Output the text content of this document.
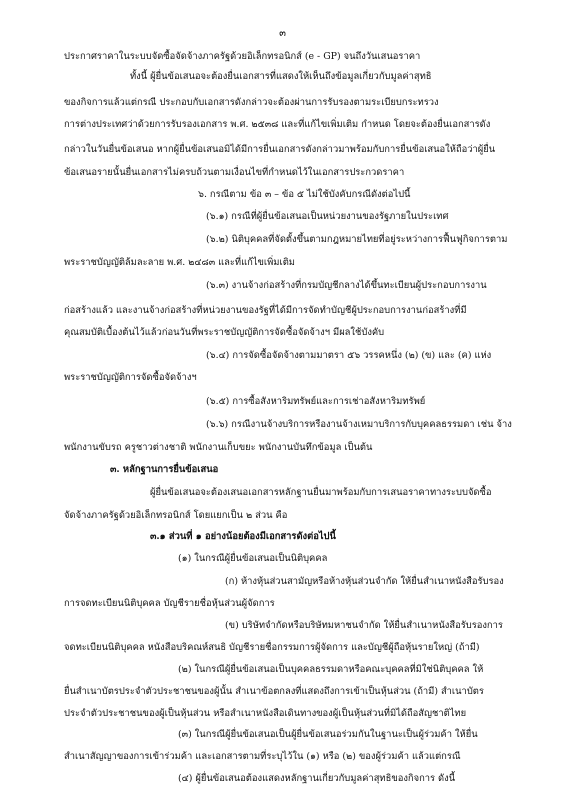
๓
ประกาศราคาในระบบจัดซื้อจัดจ้างภาครัฐด้วยอิเล็กทรอนิกส์ (e - GP) จนถึงวันเสนอราคา
ทั้งนี้ ผู้ยื่นข้อเสนอจะต้องยื่นเอกสารที่แสดงให้เห็นถึงข้อมูลเกี่ยวกับมูลค่าสุทธิ
ของกิจการแล้วแต่กรณี ประกอบกับเอกสารดังกล่าวจะต้องผ่านการรับรองตามระเบียบกระทรวง
การต่างประเทศว่าด้วยการรับรองเอกสาร พ.ศ. ๒๕๓๘ และที่แก้ไขเพิ่มเติม กำหนด โดยจะต้องยื่นเอกสารดัง
กล่าวในวันยื่นข้อเสนอ หากผู้ยื่นข้อเสนอมิได้มีการยื่นเอกสารดังกล่าวมาพร้อมกับการยื่นข้อเสนอให้ถือว่าผู้ยื่น
ข้อเสนอรายนั้นยื่นเอกสารไม่ครบถ้วนตามเงื่อนไขที่กำหนดไว้ในเอกสารประกวดราคา
๖. กรณีตาม ข้อ ๓ – ข้อ ๕ ไม่ใช้บังคับกรณีดังต่อไปนี้
(๖.๑) กรณีที่ผู้ยื่นข้อเสนอเป็นหน่วยงานของรัฐภายในประเทศ
(๖.๒) นิติบุคคลที่จัดตั้งขึ้นตามกฎหมายไทยที่อยู่ระหว่างการฟื้นฟูกิจการตาม
พระราชบัญญัติล้มละลาย พ.ศ. ๒๔๘๓ และที่แก้ไขเพิ่มเติม
(๖.๓) งานจ้างก่อสร้างที่กรมบัญชีกลางได้ขึ้นทะเบียนผู้ประกอบการงาน
ก่อสร้างแล้ว และงานจ้างก่อสร้างที่หน่วยงานของรัฐที่ได้มีการจัดทำบัญชีผู้ประกอบการงานก่อสร้างที่มี
คุณสมบัติเบื้องต้นไว้แล้วก่อนวันที่พระราชบัญญัติการจัดซื้อจัดจ้างฯ มีผลใช้บังคับ
(๖.๔) การจัดซื้อจัดจ้างตามมาตรา ๕๖ วรรคหนึ่ง (๒) (ข) และ (ค) แห่ง
พระราชบัญญัติการจัดซื้อจัดจ้างฯ
(๖.๕) การซื้อสังหาริมทรัพย์และการเช่าอสังหาริมทรัพย์
(๖.๖) กรณีงานจ้างบริการหรืองานจ้างเหมาบริการกับบุคคลธรรมดา เช่น จ้าง
พนักงานขับรถ ครูชาวต่างชาติ พนักงานเก็บขยะ พนักงานบันทึกข้อมูล เป็นต้น
๓. หลักฐานการยื่นข้อเสนอ
ผู้ยื่นข้อเสนอจะต้องเสนอเอกสารหลักฐานยื่นมาพร้อมกับการเสนอราคาทางระบบจัดซื้อ
จัดจ้างภาครัฐด้วยอิเล็กทรอนิกส์ โดยแยกเป็น ๒ ส่วน คือ
๓.๑ ส่วนที่ ๑ อย่างน้อยต้องมีเอกสารดังต่อไปนี้
(๑) ในกรณีผู้ยื่นข้อเสนอเป็นนิติบุคคล
(ก) ห้างหุ้นส่วนสามัญหรือห้างหุ้นส่วนจำกัด ให้ยื่นสำเนาหนังสือรับรอง
การจดทะเบียนนิติบุคคล บัญชีรายชื่อหุ้นส่วนผู้จัดการ
(ข) บริษัทจำกัดหรือบริษัทมหาชนจำกัด ให้ยื่นสำเนาหนังสือรับรองการ
จดทะเบียนนิติบุคคล หนังสือบริคณห์สนธิ บัญชีรายชื่อกรรมการผู้จัดการ และบัญชีผู้ถือหุ้นรายใหญ่ (ถ้ามี)
(๒) ในกรณีผู้ยื่นข้อเสนอเป็นบุคคลธรรมดาหรือคณะบุคคลที่มิใช่นิติบุคคล ให้
ยื่นสำเนาบัตรประจำตัวประชาชนของผู้นั้น สำเนาข้อตกลงที่แสดงถึงการเข้าเป็นหุ้นส่วน (ถ้ามี) สำเนาบัตร
ประจำตัวประชาชนของผู้เป็นหุ้นส่วน หรือสำเนาหนังสือเดินทางของผู้เป็นหุ้นส่วนที่มิได้ถือสัญชาติไทย
(๓) ในกรณีผู้ยื่นข้อเสนอเป็นผู้ยื่นข้อเสนอร่วมกันในฐานะเป็นผู้ร่วมค้า ให้ยื่น
สำเนาสัญญาของการเข้าร่วมค้า และเอกสารตามที่ระบุไว้ใน (๑) หรือ (๒) ของผู้ร่วมค้า แล้วแต่กรณี
(๔) ผู้ยื่นข้อเสนอต้องแสดงหลักฐานเกี่ยวกับมูลค่าสุทธิของกิจการ ดังนี้
